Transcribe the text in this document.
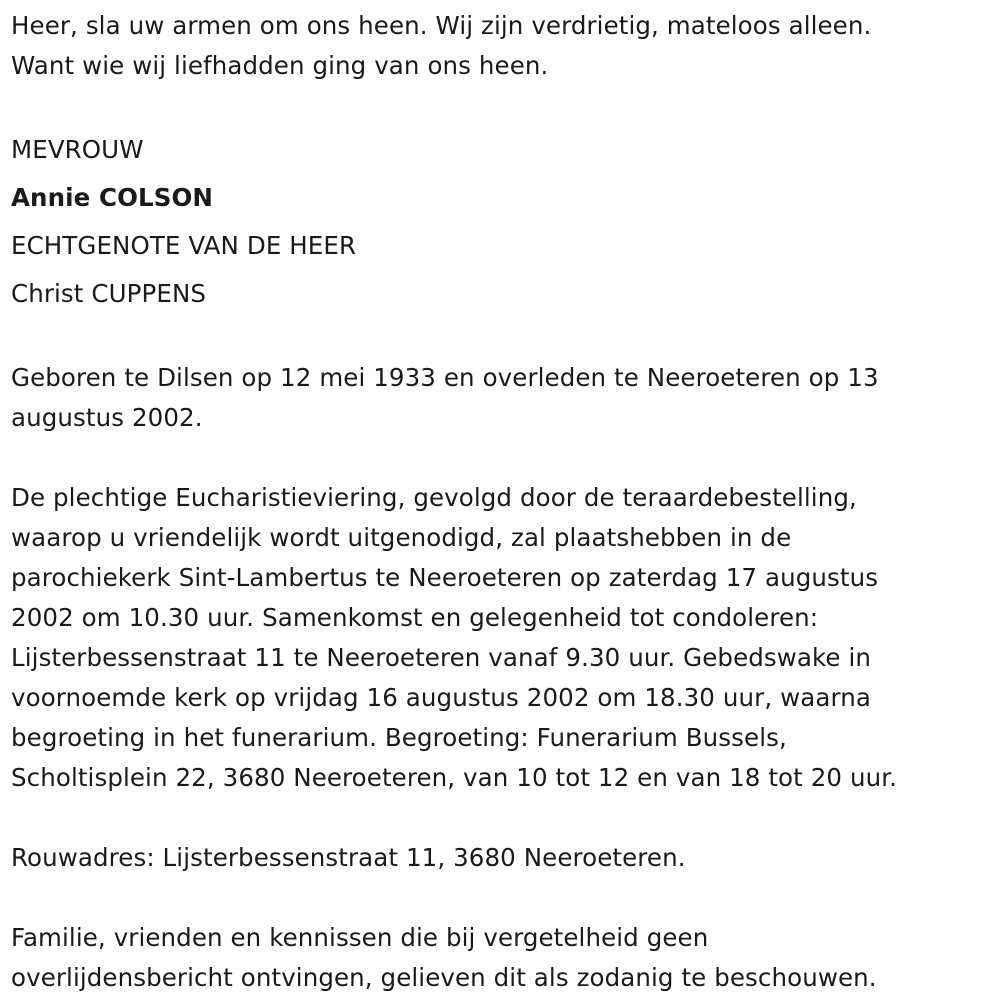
Heer, sla uw armen om ons heen. Wij zijn verdrietig, mateloos alleen.

Want wie wij liefhadden ging van ons heen.

MEVROUW

Annie COLSON

ECHTGENOTE VAN DE HEER

Christ CUPPENS

Geboren te Dilsen op 12 mei 1933 en overleden te Neeroeteren op 13

augustus 2002.

De plechtige Eucharistieviering, gevolgd door de teraardebestelling,

waarop u vriendelijk wordt uitgenodigd, zal plaatshebben in de

parochiekerk Sint-Lambertus te Neeroeteren op zaterdag 17 augustus

2002 om 10.30 uur. Samenkomst en gelegenheid tot condoleren:

Lijsterbessenstraat 11 te Neeroeteren vanaf 9.30 uur. Gebedswake in

voornoemde kerk op vrijdag 16 augustus 2002 om 18.30 uur, waarna

begroeting in het funerarium. Begroeting: Funerarium Bussels,

Scholtisplein 22, 3680 Neeroeteren, van 10 tot 12 en van 18 tot 20 uur.

Rouwadres: Lijsterbessenstraat 11, 3680 Neeroeteren.

Familie, vrienden en kennissen die bij vergetelheid geen

overlijdensbericht ontvingen, gelieven dit als zodanig te beschouwen.
